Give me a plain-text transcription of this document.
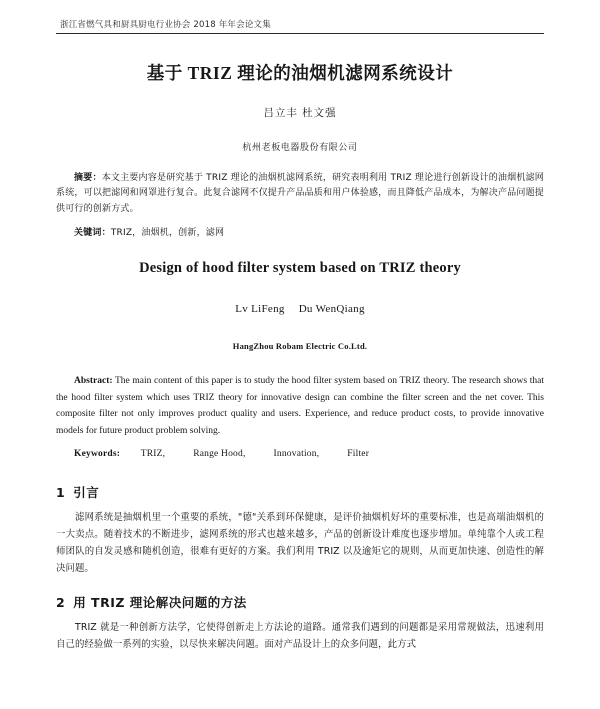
浙江省燃气具和厨具厨电行业协会 2018 年年会论文集
基于 TRIZ 理论的油烟机滤网系统设计
吕立丰 杜文强
杭州老板电器股份有限公司
摘要：本文主要内容是研究基于 TRIZ 理论的油烟机滤网系统，研究表明利用 TRIZ 理论进行创新设计的油烟机滤网系统，可以把滤网和网罩进行复合。此复合滤网不仅提升产品品质和用户体验感，而且降低产品成本，为解决产品问题提供可行的创新方式。
关键词：TRIZ，油烟机，创新，滤网
Design of hood filter system based on TRIZ theory
Lv LiFeng Du WenQiang
HangZhou Robam Electric Co.Ltd.
Abstract: The main content of this paper is to study the hood filter system based on TRIZ theory. The research shows that the hood filter system which uses TRIZ theory for innovative design can combine the filter screen and the net cover. This composite filter not only improves product quality and users. Experience, and reduce product costs, to provide innovative models for future product problem solving.
Keywords: TRIZ,	Range Hood,	Innovation,	Filter
1 引言
滤网系统是抽烟机里一个重要的系统，"德"关系到环保健康，是评价抽烟机好坏的重要标准，也是高端油烟机的一大卖点。随着技术的不断进步，滤网系统的形式也越来越多，产品的创新设计难度也逐步增加。单纯靠个人或工程师团队的自发灵感和随机创造，很难有更好的方案。我们利用 TRIZ 以及逾矩它的规则，从而更加快速、创造性的解决问题。
2 用 TRIZ 理论解决问题的方法
TRIZ 就是一种创新方法学，它使得创新走上方法论的道路。通常我们遇到的问题都是采用常规做法，迅速利用自己的经验做一系列的实验，以尽快来解决问题。面对产品设计上的众多问题，此方式
